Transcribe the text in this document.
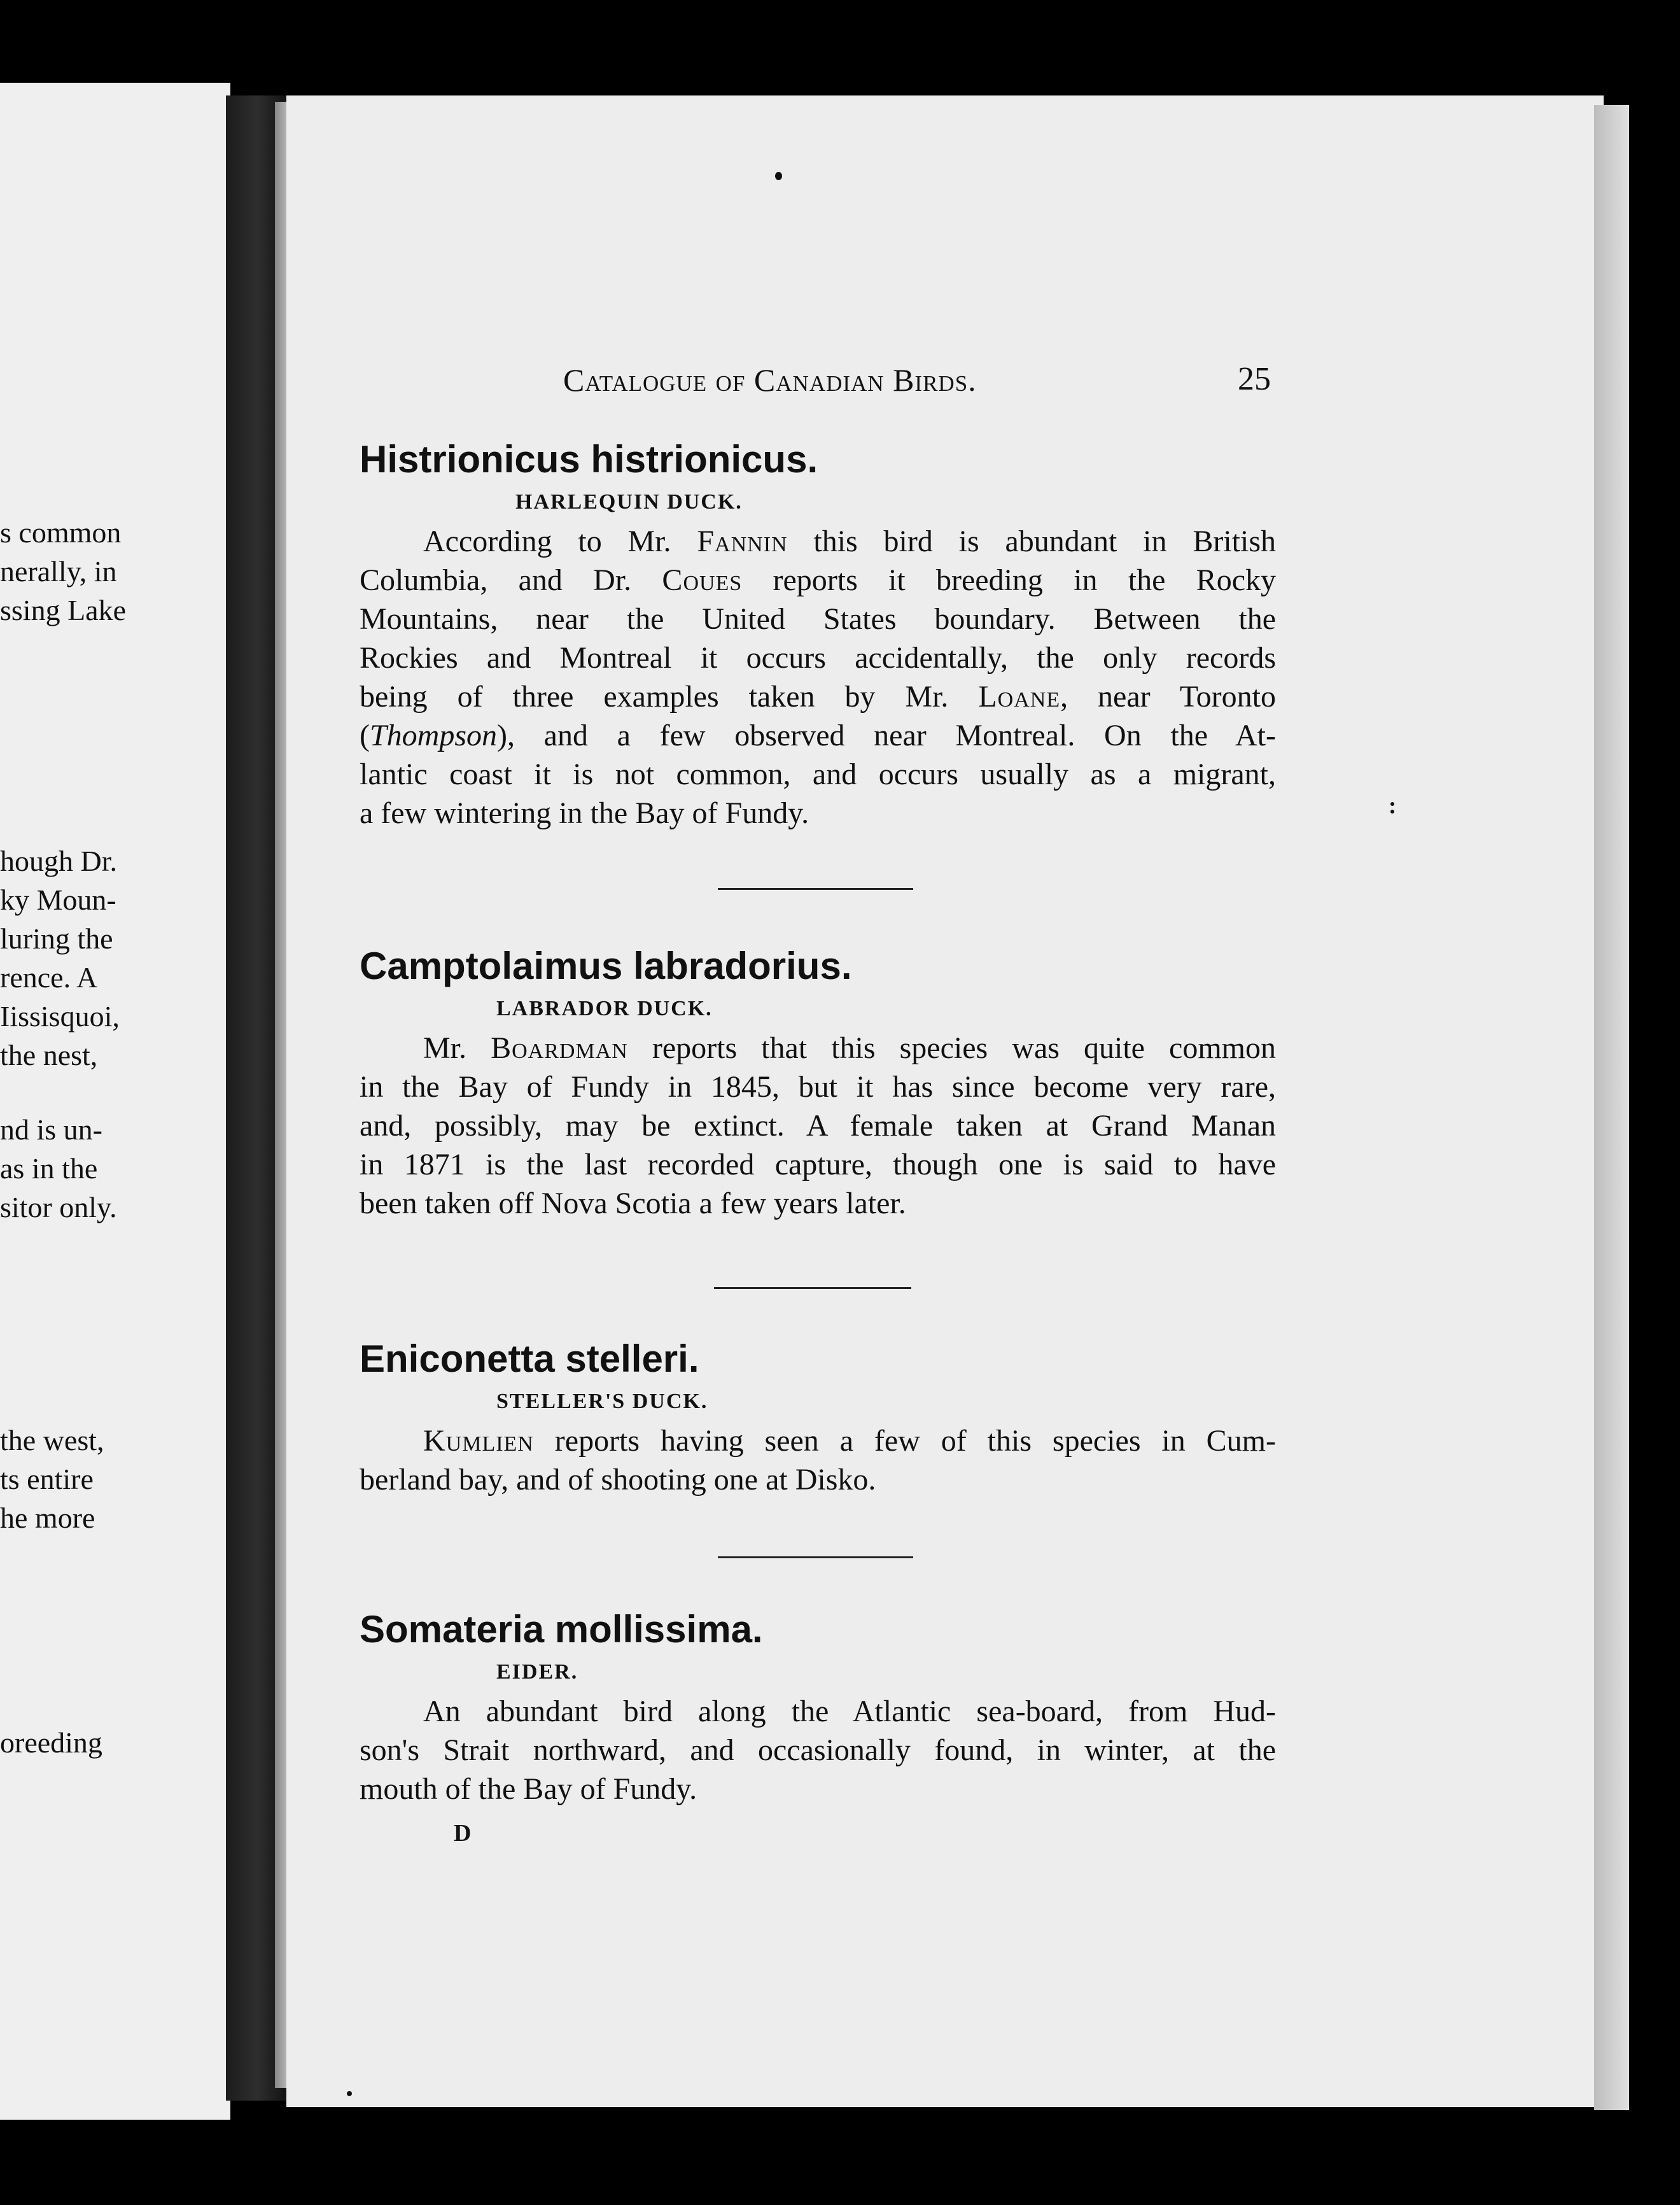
s common
nerally, in
ssing Lake
hough Dr.
ky Moun-
luring the
rence. A
Iissisquoi,
the nest,
nd is un-
as in the
sitor only.
the west,
ts entire
he more
oreeding
Catalogue of Canadian Birds.	25
Histrionicus histrionicus.
HARLEQUIN DUCK.
According to Mr. Fannin this bird is abundant in British
Columbia, and Dr. Coues reports it breeding in the Rocky
Mountains, near the United States boundary. Between the
Rockies and Montreal it occurs accidentally, the only records
being of three examples taken by Mr. Loane, near Toronto
(Thompson), and a few observed near Montreal. On the At-
lantic coast it is not common, and occurs usually as a migrant,
a few wintering in the Bay of Fundy.
Camptolaimus labradorius.
LABRADOR DUCK.
Mr. Boardman reports that this species was quite common
in the Bay of Fundy in 1845, but it has since become very rare,
and, possibly, may be extinct. A female taken at Grand Manan
in 1871 is the last recorded capture, though one is said to have
been taken off Nova Scotia a few years later.
Eniconetta stelleri.
STELLER'S DUCK.
Kumlien reports having seen a few of this species in Cum-
berland bay, and of shooting one at Disko.
Somateria mollissima.
EIDER.
An abundant bird along the Atlantic sea-board, from Hud-
son's Strait northward, and occasionally found, in winter, at the
mouth of the Bay of Fundy.
D
